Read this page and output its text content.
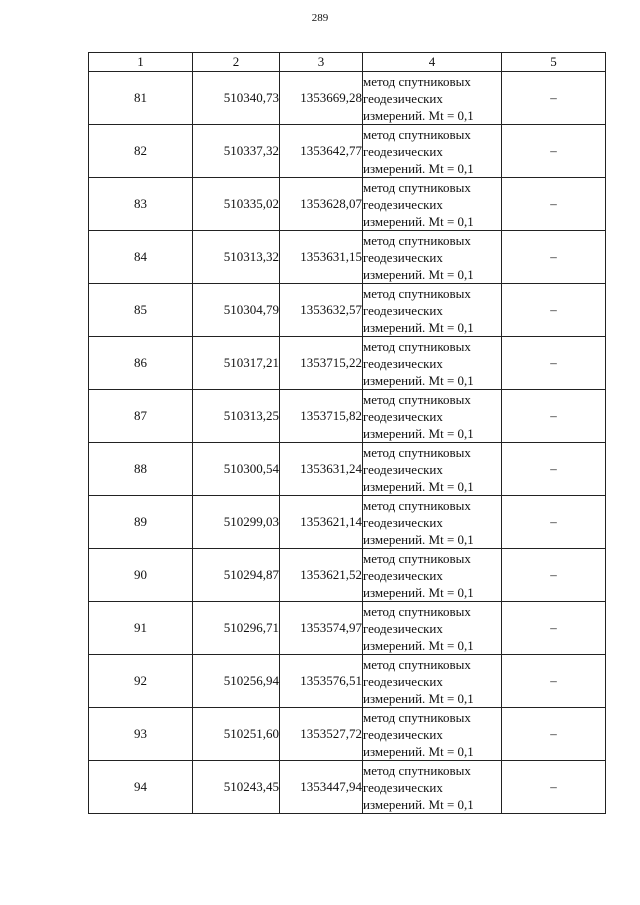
289
1	2	3	4	5
81	510340,73	1353669,28	метод спутниковых
геодезических
измерений. Mt = 0,1	–
82	510337,32	1353642,77	метод спутниковых
геодезических
измерений. Mt = 0,1	–
83	510335,02	1353628,07	метод спутниковых
геодезических
измерений. Mt = 0,1	–
84	510313,32	1353631,15	метод спутниковых
геодезических
измерений. Mt = 0,1	–
85	510304,79	1353632,57	метод спутниковых
геодезических
измерений. Mt = 0,1	–
86	510317,21	1353715,22	метод спутниковых
геодезических
измерений. Mt = 0,1	–
87	510313,25	1353715,82	метод спутниковых
геодезических
измерений. Mt = 0,1	–
88	510300,54	1353631,24	метод спутниковых
геодезических
измерений. Mt = 0,1	–
89	510299,03	1353621,14	метод спутниковых
геодезических
измерений. Mt = 0,1	–
90	510294,87	1353621,52	метод спутниковых
геодезических
измерений. Mt = 0,1	–
91	510296,71	1353574,97	метод спутниковых
геодезических
измерений. Mt = 0,1	–
92	510256,94	1353576,51	метод спутниковых
геодезических
измерений. Mt = 0,1	–
93	510251,60	1353527,72	метод спутниковых
геодезических
измерений. Mt = 0,1	–
94	510243,45	1353447,94	метод спутниковых
геодезических
измерений. Mt = 0,1	–
